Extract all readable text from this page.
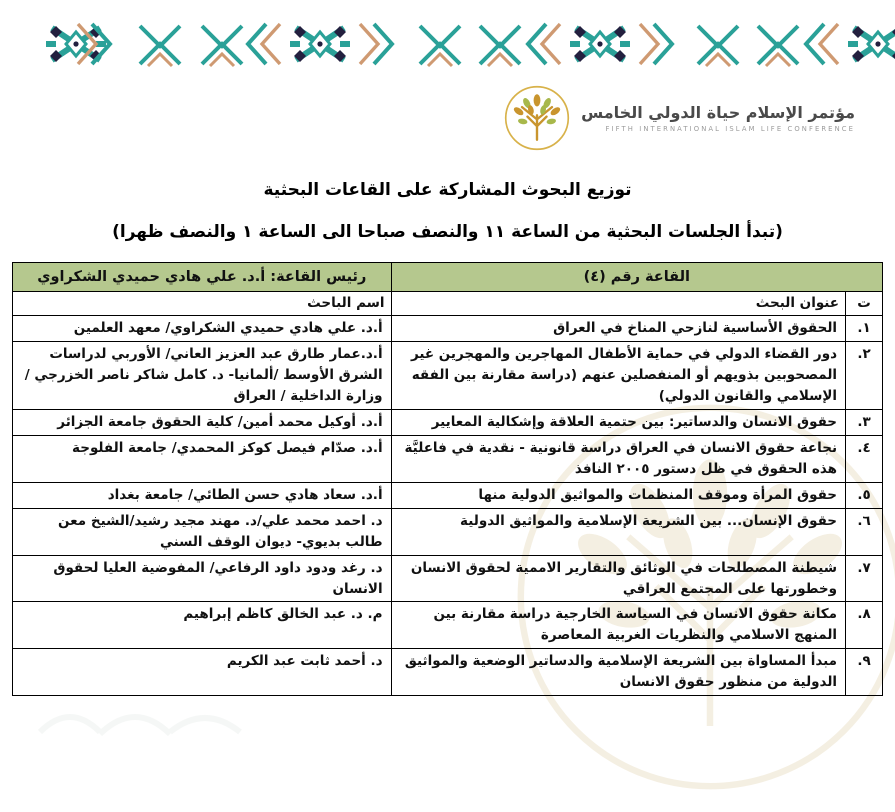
مؤتمر الإسلام حياة الدولي الخامس
FIFTH INTERNATIONAL ISLAM LIFE CONFERENCE
توزيع البحوث المشاركة على القاعات البحثية
(تبدأ الجلسات البحثية من الساعة ١١ والنصف صباحا الى الساعة ١ والنصف ظهرا)
القاعة رقم (٤)		رئيس القاعة: أ.د. علي هادي حميدي الشكراوي
ت	عنوان البحث	اسم الباحث
١.	الحقوق الأساسية لنازحي المناخ في العراق	أ.د. علي هادي حميدي الشكراوي/ معهد العلمين
٢.	دور القضاء الدولي في حماية الأطفال المهاجرين والمهجرين غير المصحوبين بذويهم أو المنفصلين عنهم (دراسة مقارنة بين الفقه الإسلامي والقانون الدولي)	أ.د.عمار طارق عبد العزيز العاني/ الأوربي لدراسات الشرق الأوسط /ألمانيا- د. كامل شاكر ناصر الخزرجي / وزارة الداخلية / العراق
٣.	حقوق الانسان والدساتير: بين حتمية العلاقة وإشكالية المعايير	أ.د. أوكيل محمد أمين/ كلية الحقوق جامعة الجزائر
٤.	نجاعة حقوق الانسان في العراق دراسة قانونية - نقدية في فاعليَّة هذه الحقوق في ظل دستور ٢٠٠٥ النافذ	أ.د. صدّام فيصل كوكز المحمدي/ جامعة الفلوجة
٥.	حقوق المرأة وموقف المنظمات والمواثيق الدولية منها	أ.د. سعاد هادي حسن الطائي/ جامعة بغداد
٦.	حقوق الإنسان... بين الشريعة الإسلامية والمواثيق الدولية	د. احمد محمد علي/د. مهند مجيد رشيد/الشيخ معن طالب بديوي- ديوان الوقف السني
٧.	شيطنة المصطلحات في الوثائق والتقارير الاممية لحقوق الانسان وخطورتها على المجتمع العراقي	د. رغد ودود داود الرفاعي/ المفوضية العليا لحقوق الانسان
٨.	مكانة حقوق الانسان في السياسة الخارجية دراسة مقارنة بين المنهج الاسلامي والنظريات الغربية المعاصرة	م. د. عبد الخالق كاظم إبراهيم
٩.	مبدأ المساواة بين الشريعة الإسلامية والدساتير الوضعية والمواثيق الدولية من منظور حقوق الانسان	د. أحمد ثابت عبد الكريم
